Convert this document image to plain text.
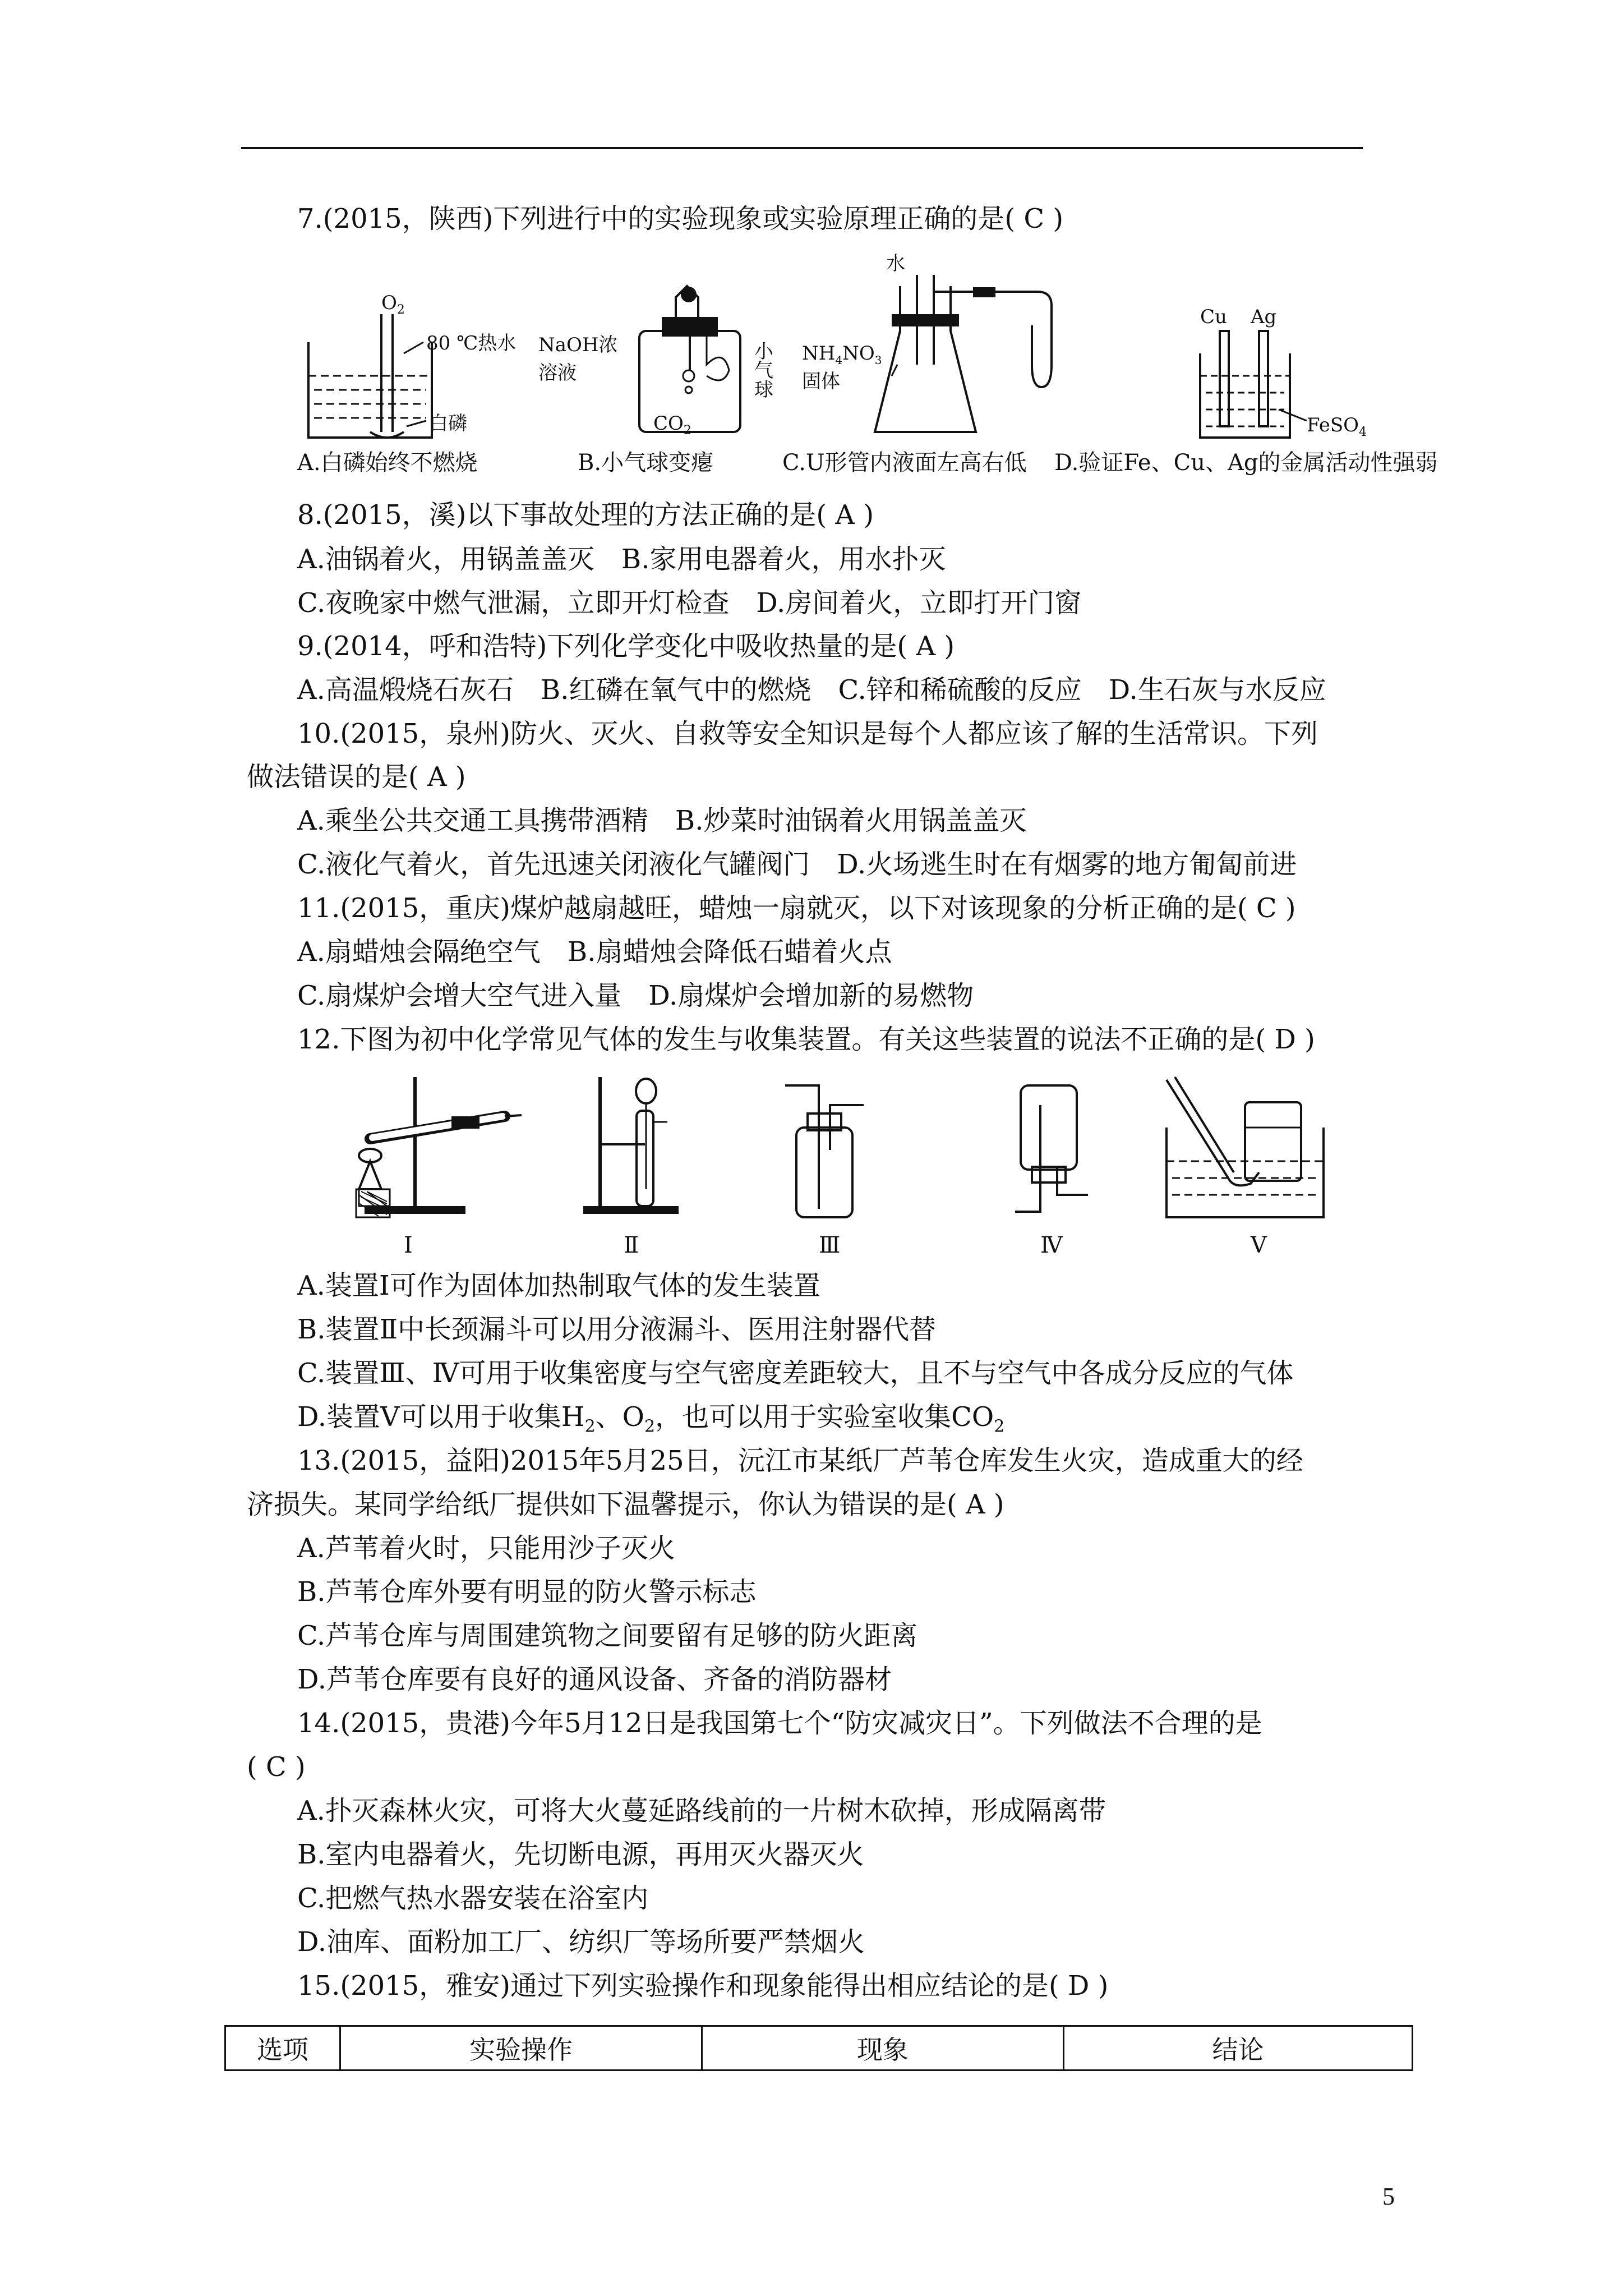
7.(2015，陕西)下列进行中的实验现象或实验原理正确的是( C )
$O_2$
80 ℃热水
白磷
A.白磷始终不燃烧
NaOH浓
溶液
小
气
球
$CO_2$
B.小气球变瘪
水
$NH_4NO_3$
固体
C.U形管内液面左高右低
Cu Ag
FeSO$_4$
D.验证Fe、Cu、Ag的金属活动性强弱
8.(2015，溪)以下事故处理的方法正确的是( A )
A.油锅着火，用锅盖盖灭　B.家用电器着火，用水扑灭
C.夜晚家中燃气泄漏，立即开灯检查　D.房间着火，立即打开门窗
9.(2014，呼和浩特)下列化学变化中吸收热量的是( A )
A.高温煅烧石灰石　B.红磷在氧气中的燃烧　C.锌和稀硫酸的反应　D.生石灰与水反应
10.(2015，泉州)防火、灭火、自救等安全知识是每个人都应该了解的生活常识。下列
做法错误的是( A )
A.乘坐公共交通工具携带酒精　B.炒菜时油锅着火用锅盖盖灭
C.液化气着火，首先迅速关闭液化气罐阀门　D.火场逃生时在有烟雾的地方匍匐前进
11.(2015，重庆)煤炉越扇越旺，蜡烛一扇就灭，以下对该现象的分析正确的是( C )
A.扇蜡烛会隔绝空气　B.扇蜡烛会降低石蜡着火点
C.扇煤炉会增大空气进入量　D.扇煤炉会增加新的易燃物
12.下图为初中化学常见气体的发生与收集装置。有关这些装置的说法不正确的是( D )
Ⅰ	Ⅱ	Ⅲ	Ⅳ	Ⅴ
A.装置Ⅰ可作为固体加热制取气体的发生装置
B.装置Ⅱ中长颈漏斗可以用分液漏斗、医用注射器代替
C.装置Ⅲ、Ⅳ可用于收集密度与空气密度差距较大，且不与空气中各成分反应的气体
D.装置Ⅴ可以用于收集$H_2$、$O_2$，也可以用于实验室收集$CO_2$
13.(2015，益阳)2015年5月25日，沅江市某纸厂芦苇仓库发生火灾，造成重大的经
济损失。某同学给纸厂提供如下温馨提示，你认为错误的是( A )
A.芦苇着火时，只能用沙子灭火
B.芦苇仓库外要有明显的防火警示标志
C.芦苇仓库与周围建筑物之间要留有足够的防火距离
D.芦苇仓库要有良好的通风设备、齐备的消防器材
14.(2015，贵港)今年5月12日是我国第七个“防灾减灾日”。下列做法不合理的是
( C )
A.扑灭森林火灾，可将大火蔓延路线前的一片树木砍掉，形成隔离带
B.室内电器着火，先切断电源，再用灭火器灭火
C.把燃气热水器安装在浴室内
D.油库、面粉加工厂、纺织厂等场所要严禁烟火
15.(2015，雅安)通过下列实验操作和现象能得出相应结论的是( D )
选项	实验操作	现象	结论
5
